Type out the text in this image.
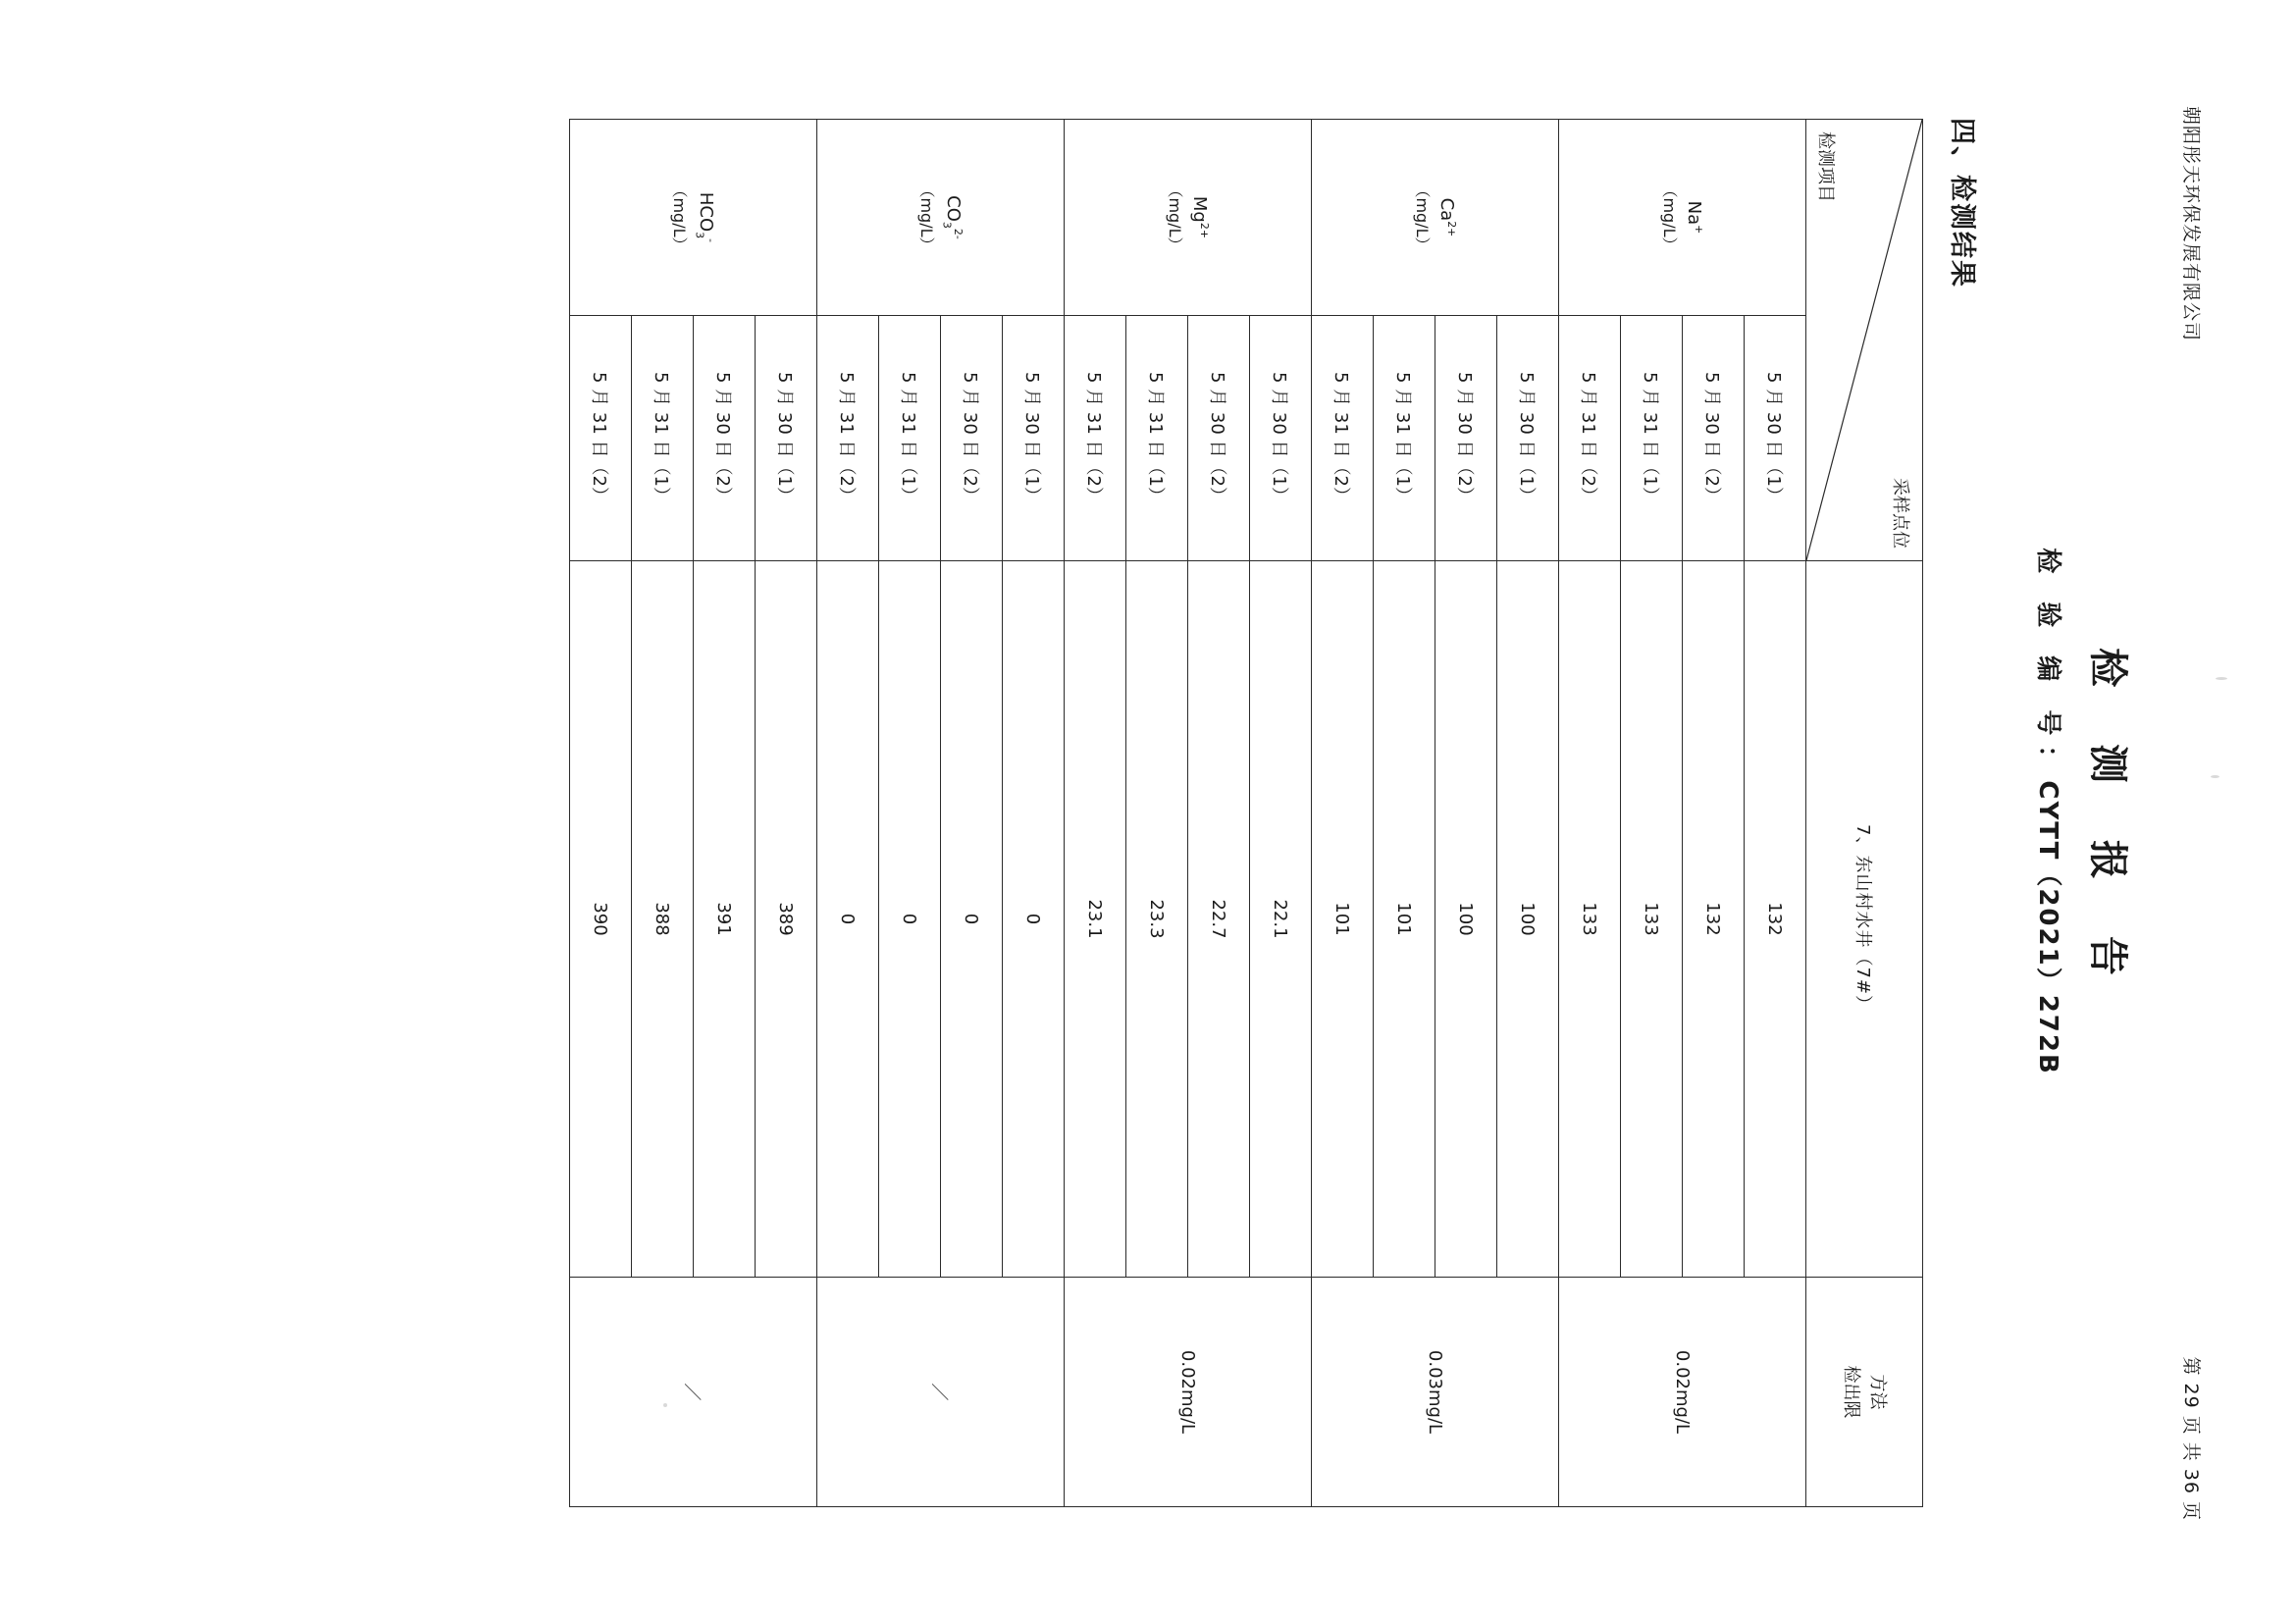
朝阳彤天环保发展有限公司
第 29 页 共 36 页
检 测 报 告
检 验 编 号：CYTT（2021）272B
四、检测结果
采样点位
检测项目
	7、东山村水井（7#）	
方法
检出限

Na+
（mg/L）	5 月 30 日（1）	132	0.02mg/L
	5 月 30 日（2）	132	
	5 月 31 日（1）	133	
	5 月 31 日（2）	133	

$Ca^{2+}$
（mg/L）	5 月 30 日（1）	100	0.03mg/L
	5 月 30 日（2）	100	
	5 月 31 日（1）	101	
	5 月 31 日（2）	101	

$Mg^{2+}$
（mg/L）	5 月 30 日（1）	22.1	0.02mg/L
	5 月 30 日（2）	22.7	
	5 月 31 日（1）	23.3	
	5 月 31 日（2）	23.1	

$CO_3^{2-}$
（mg/L）	5 月 30 日（1）	0	／
	5 月 30 日（2）	0	
	5 月 31 日（1）	0	
	5 月 31 日（2）	0	

$HCO_3^-$
（mg/L）	5 月 30 日（1）	389	／
	5 月 30 日（2）	391	
	5 月 31 日（1）	388	
	5 月 31 日（2）	390	
